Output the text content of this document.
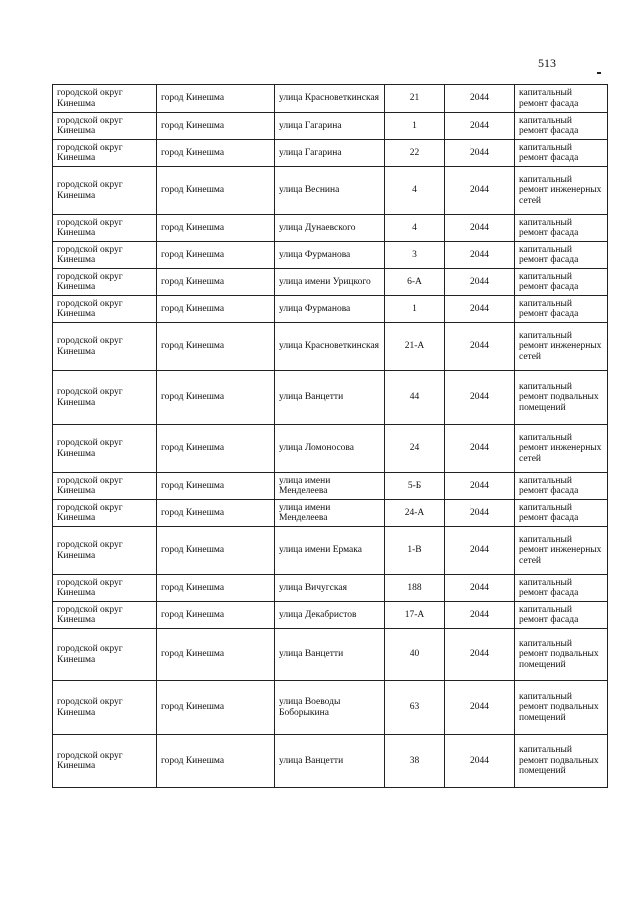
513
городской округ Кинешма	город Кинешма	улица Красноветкинская	21	2044	капитальный ремонт фасада
городской округ Кинешма	город Кинешма	улица Гагарина	1	2044	капитальный ремонт фасада
городской округ Кинешма	город Кинешма	улица Гагарина	22	2044	капитальный ремонт фасада
городской округ Кинешма	город Кинешма	улица Веснина	4	2044	капитальный ремонт инженерных сетей
городской округ Кинешма	город Кинешма	улица Дунаевского	4	2044	капитальный ремонт фасада
городской округ Кинешма	город Кинешма	улица Фурманова	3	2044	капитальный ремонт фасада
городской округ Кинешма	город Кинешма	улица имени Урицкого	6-А	2044	капитальный ремонт фасада
городской округ Кинешма	город Кинешма	улица Фурманова	1	2044	капитальный ремонт фасада
городской округ Кинешма	город Кинешма	улица Красноветкинская	21-А	2044	капитальный ремонт инженерных сетей
городской округ Кинешма	город Кинешма	улица Ванцетти	44	2044	капитальный ремонт подвальных помещений
городской округ Кинешма	город Кинешма	улица Ломоносова	24	2044	капитальный ремонт инженерных сетей
городской округ Кинешма	город Кинешма	улица имени Менделеева	5-Б	2044	капитальный ремонт фасада
городской округ Кинешма	город Кинешма	улица имени Менделеева	24-А	2044	капитальный ремонт фасада
городской округ Кинешма	город Кинешма	улица имени Ермака	1-В	2044	капитальный ремонт инженерных сетей
городской округ Кинешма	город Кинешма	улица Вичугская	188	2044	капитальный ремонт фасада
городской округ Кинешма	город Кинешма	улица Декабристов	17-А	2044	капитальный ремонт фасада
городской округ Кинешма	город Кинешма	улица Ванцетти	40	2044	капитальный ремонт подвальных помещений
городской округ Кинешма	город Кинешма	улица Воеводы Боборыкина	63	2044	капитальный ремонт подвальных помещений
городской округ Кинешма	город Кинешма	улица Ванцетти	38	2044	капитальный ремонт подвальных помещений
